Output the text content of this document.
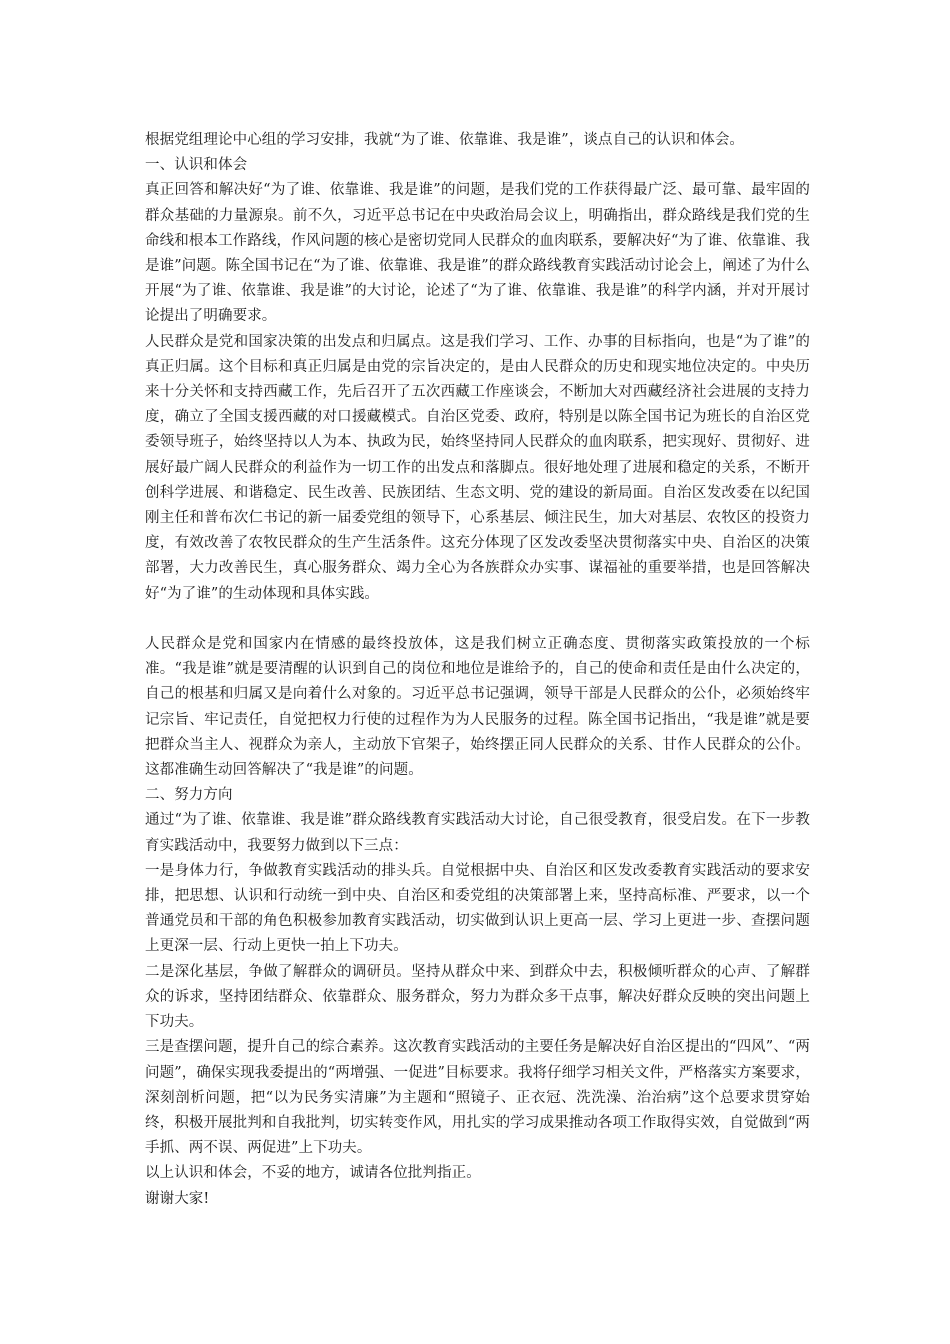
根据党组理论中心组的学习安排，我就“为了谁、依靠谁、我是谁”，谈点自己的认识和体会。

一、认识和体会

真正回答和解决好“为了谁、依靠谁、我是谁”的问题，是我们党的工作获得最广泛、最可靠、最牢固的群众基础的力量源泉。前不久，习近平总书记在中央政治局会议上，明确指出，群众路线是我们党的生命线和根本工作路线，作风问题的核心是密切党同人民群众的血肉联系，要解决好“为了谁、依靠谁、我是谁”问题。陈全国书记在“为了谁、依靠谁、我是谁”的群众路线教育实践活动讨论会上，阐述了为什么开展“为了谁、依靠谁、我是谁”的大讨论，论述了“为了谁、依靠谁、我是谁”的科学内涵，并对开展讨论提出了明确要求。

人民群众是党和国家决策的出发点和归属点。这是我们学习、工作、办事的目标指向，也是“为了谁”的真正归属。这个目标和真正归属是由党的宗旨决定的，是由人民群众的历史和现实地位决定的。中央历来十分关怀和支持西藏工作，先后召开了五次西藏工作座谈会，不断加大对西藏经济社会进展的支持力度，确立了全国支援西藏的对口援藏模式。自治区党委、政府，特别是以陈全国书记为班长的自治区党委领导班子，始终坚持以人为本、执政为民，始终坚持同人民群众的血肉联系，把实现好、贯彻好、进展好最广阔人民群众的利益作为一切工作的出发点和落脚点。很好地处理了进展和稳定的关系，不断开创科学进展、和谐稳定、民生改善、民族团结、生态文明、党的建设的新局面。自治区发改委在以纪国刚主任和普布次仁书记的新一届委党组的领导下，心系基层、倾注民生，加大对基层、农牧区的投资力度，有效改善了农牧民群众的生产生活条件。这充分体现了区发改委坚决贯彻落实中央、自治区的决策部署，大力改善民生，真心服务群众、竭力全心为各族群众办实事、谋福祉的重要举措，也是回答解决好“为了谁”的生动体现和具体实践。

人民群众是党和国家内在情感的最终投放体，这是我们树立正确态度、贯彻落实政策投放的一个标准。“我是谁”就是要清醒的认识到自己的岗位和地位是谁给予的，自己的使命和责任是由什么决定的，自己的根基和归属又是向着什么对象的。习近平总书记强调，领导干部是人民群众的公仆，必须始终牢记宗旨、牢记责任，自觉把权力行使的过程作为为人民服务的过程。陈全国书记指出，“我是谁”就是要把群众当主人、视群众为亲人，主动放下官架子，始终摆正同人民群众的关系、甘作人民群众的公仆。这都准确生动回答解决了“我是谁”的问题。

二、努力方向

通过“为了谁、依靠谁、我是谁”群众路线教育实践活动大讨论，自己很受教育，很受启发。在下一步教育实践活动中，我要努力做到以下三点：

一是身体力行，争做教育实践活动的排头兵。自觉根据中央、自治区和区发改委教育实践活动的要求安排，把思想、认识和行动统一到中央、自治区和委党组的决策部署上来，坚持高标准、严要求，以一个普通党员和干部的角色积极参加教育实践活动，切实做到认识上更高一层、学习上更进一步、查摆问题上更深一层、行动上更快一拍上下功夫。

二是深化基层，争做了解群众的调研员。坚持从群众中来、到群众中去，积极倾听群众的心声、了解群众的诉求，坚持团结群众、依靠群众、服务群众，努力为群众多干点事，解决好群众反映的突出问题上下功夫。

三是查摆问题，提升自己的综合素养。这次教育实践活动的主要任务是解决好自治区提出的“四风”、“两问题”，确保实现我委提出的“两增强、一促进”目标要求。我将仔细学习相关文件，严格落实方案要求，深刻剖析问题，把“以为民务实清廉”为主题和“照镜子、正衣冠、洗洗澡、治治病”这个总要求贯穿始终，积极开展批判和自我批判，切实转变作风，用扎实的学习成果推动各项工作取得实效，自觉做到“两手抓、两不误、两促进”上下功夫。

以上认识和体会，不妥的地方，诚请各位批判指正。

谢谢大家!
